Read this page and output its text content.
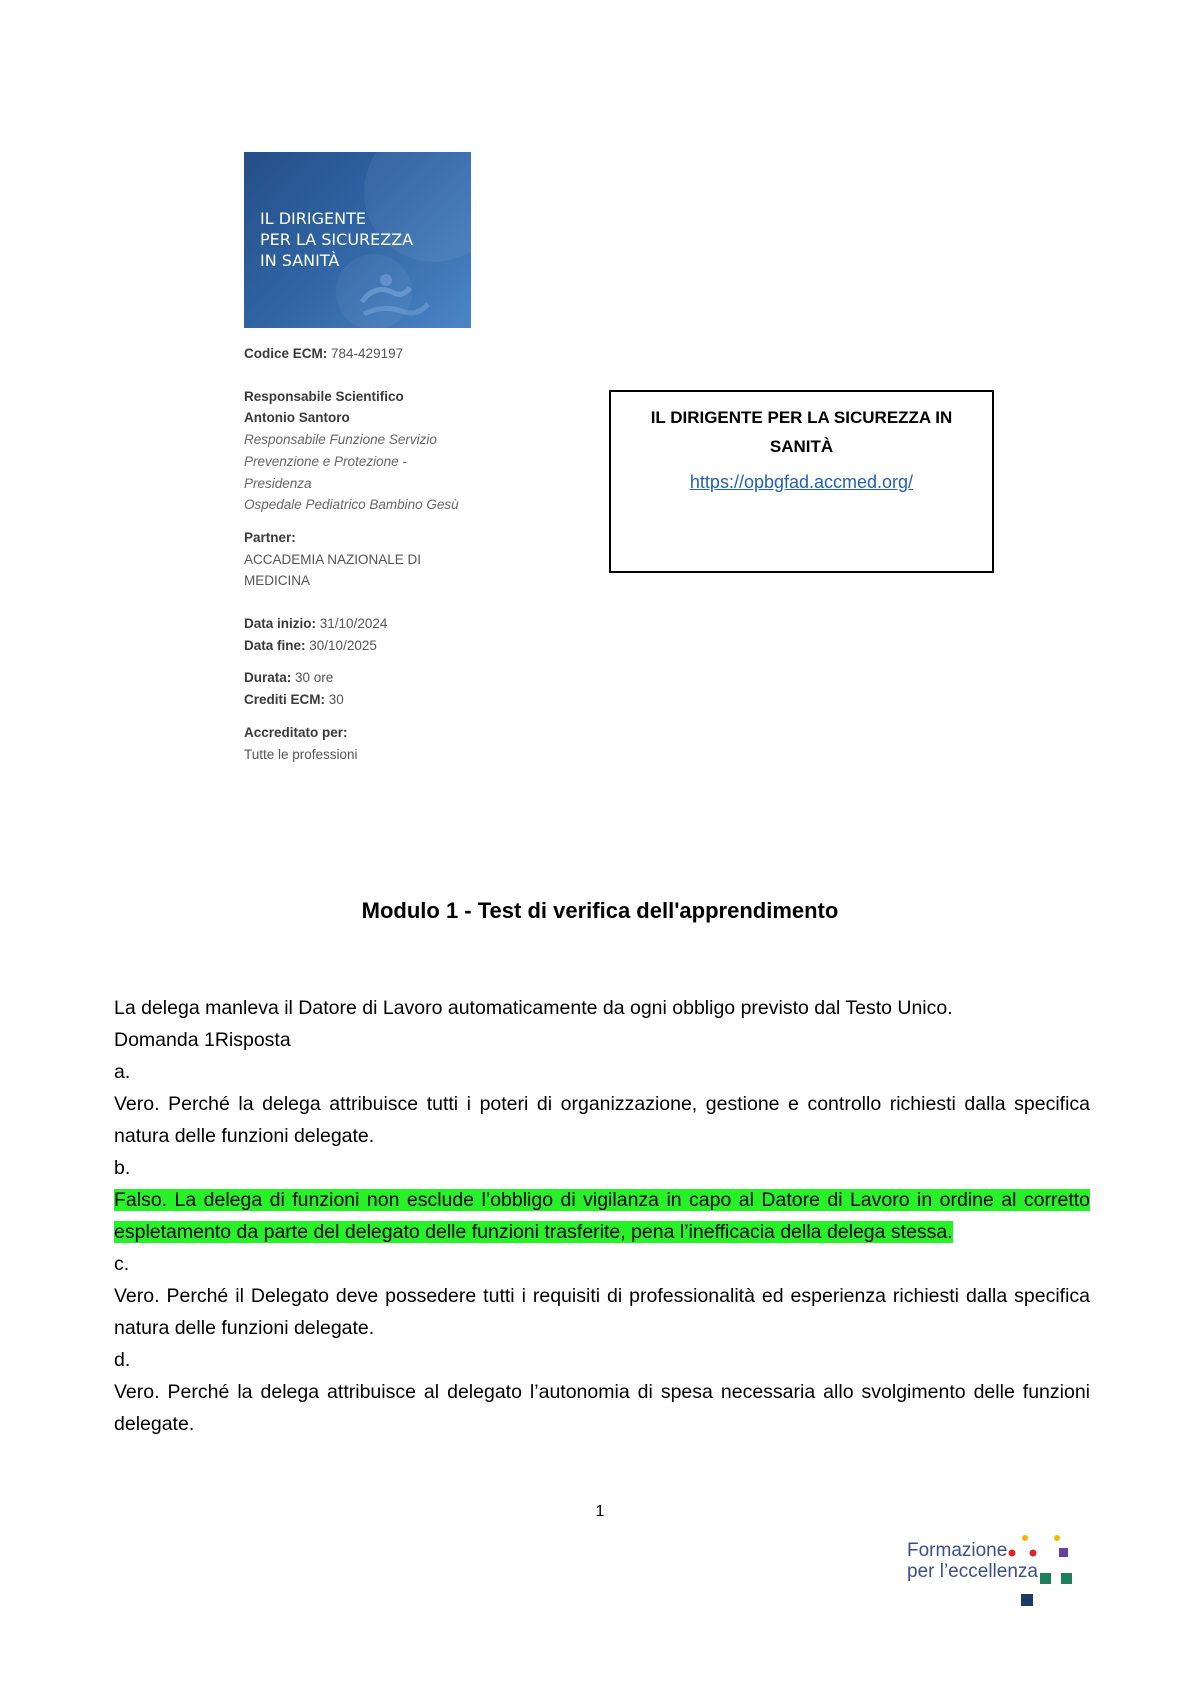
IL DIRIGENTE
PER LA SICUREZZA
IN SANITÀ
Codice ECM: 784-429197
Responsabile Scientifico
Antonio Santoro
Responsabile Funzione Servizio
Prevenzione e Protezione -
Presidenza
Ospedale Pediatrico Bambino Gesù
Partner:
ACCADEMIA NAZIONALE DI
MEDICINA
Data inizio: 31/10/2024
Data fine: 30/10/2025
Durata: 30 ore
Crediti ECM: 30
Accreditato per:
Tutte le professioni
IL DIRIGENTE PER LA SICUREZZA IN SANITÀ
https://opbgfad.accmed.org/
Modulo 1 - Test di verifica dell'apprendimento

La delega manleva il Datore di Lavoro automaticamente da ogni obbligo previsto dal Testo Unico.

Domanda 1Risposta

a.

Vero. Perché la delega attribuisce tutti i poteri di organizzazione, gestione e controllo richiesti dalla specifica natura delle funzioni delegate.

b.

Falso. La delega di funzioni non esclude l’obbligo di vigilanza in capo al Datore di Lavoro in ordine al corretto espletamento da parte del delegato delle funzioni trasferite, pena l’inefficacia della delega stessa.

c.

Vero. Perché il Delegato deve possedere tutti i requisiti di professionalità ed esperienza richiesti dalla specifica natura delle funzioni delegate.

d.

Vero. Perché la delega attribuisce al delegato l’autonomia di spesa necessaria allo svolgimento delle funzioni delegate.

1
Formazione
per l’eccellenza
